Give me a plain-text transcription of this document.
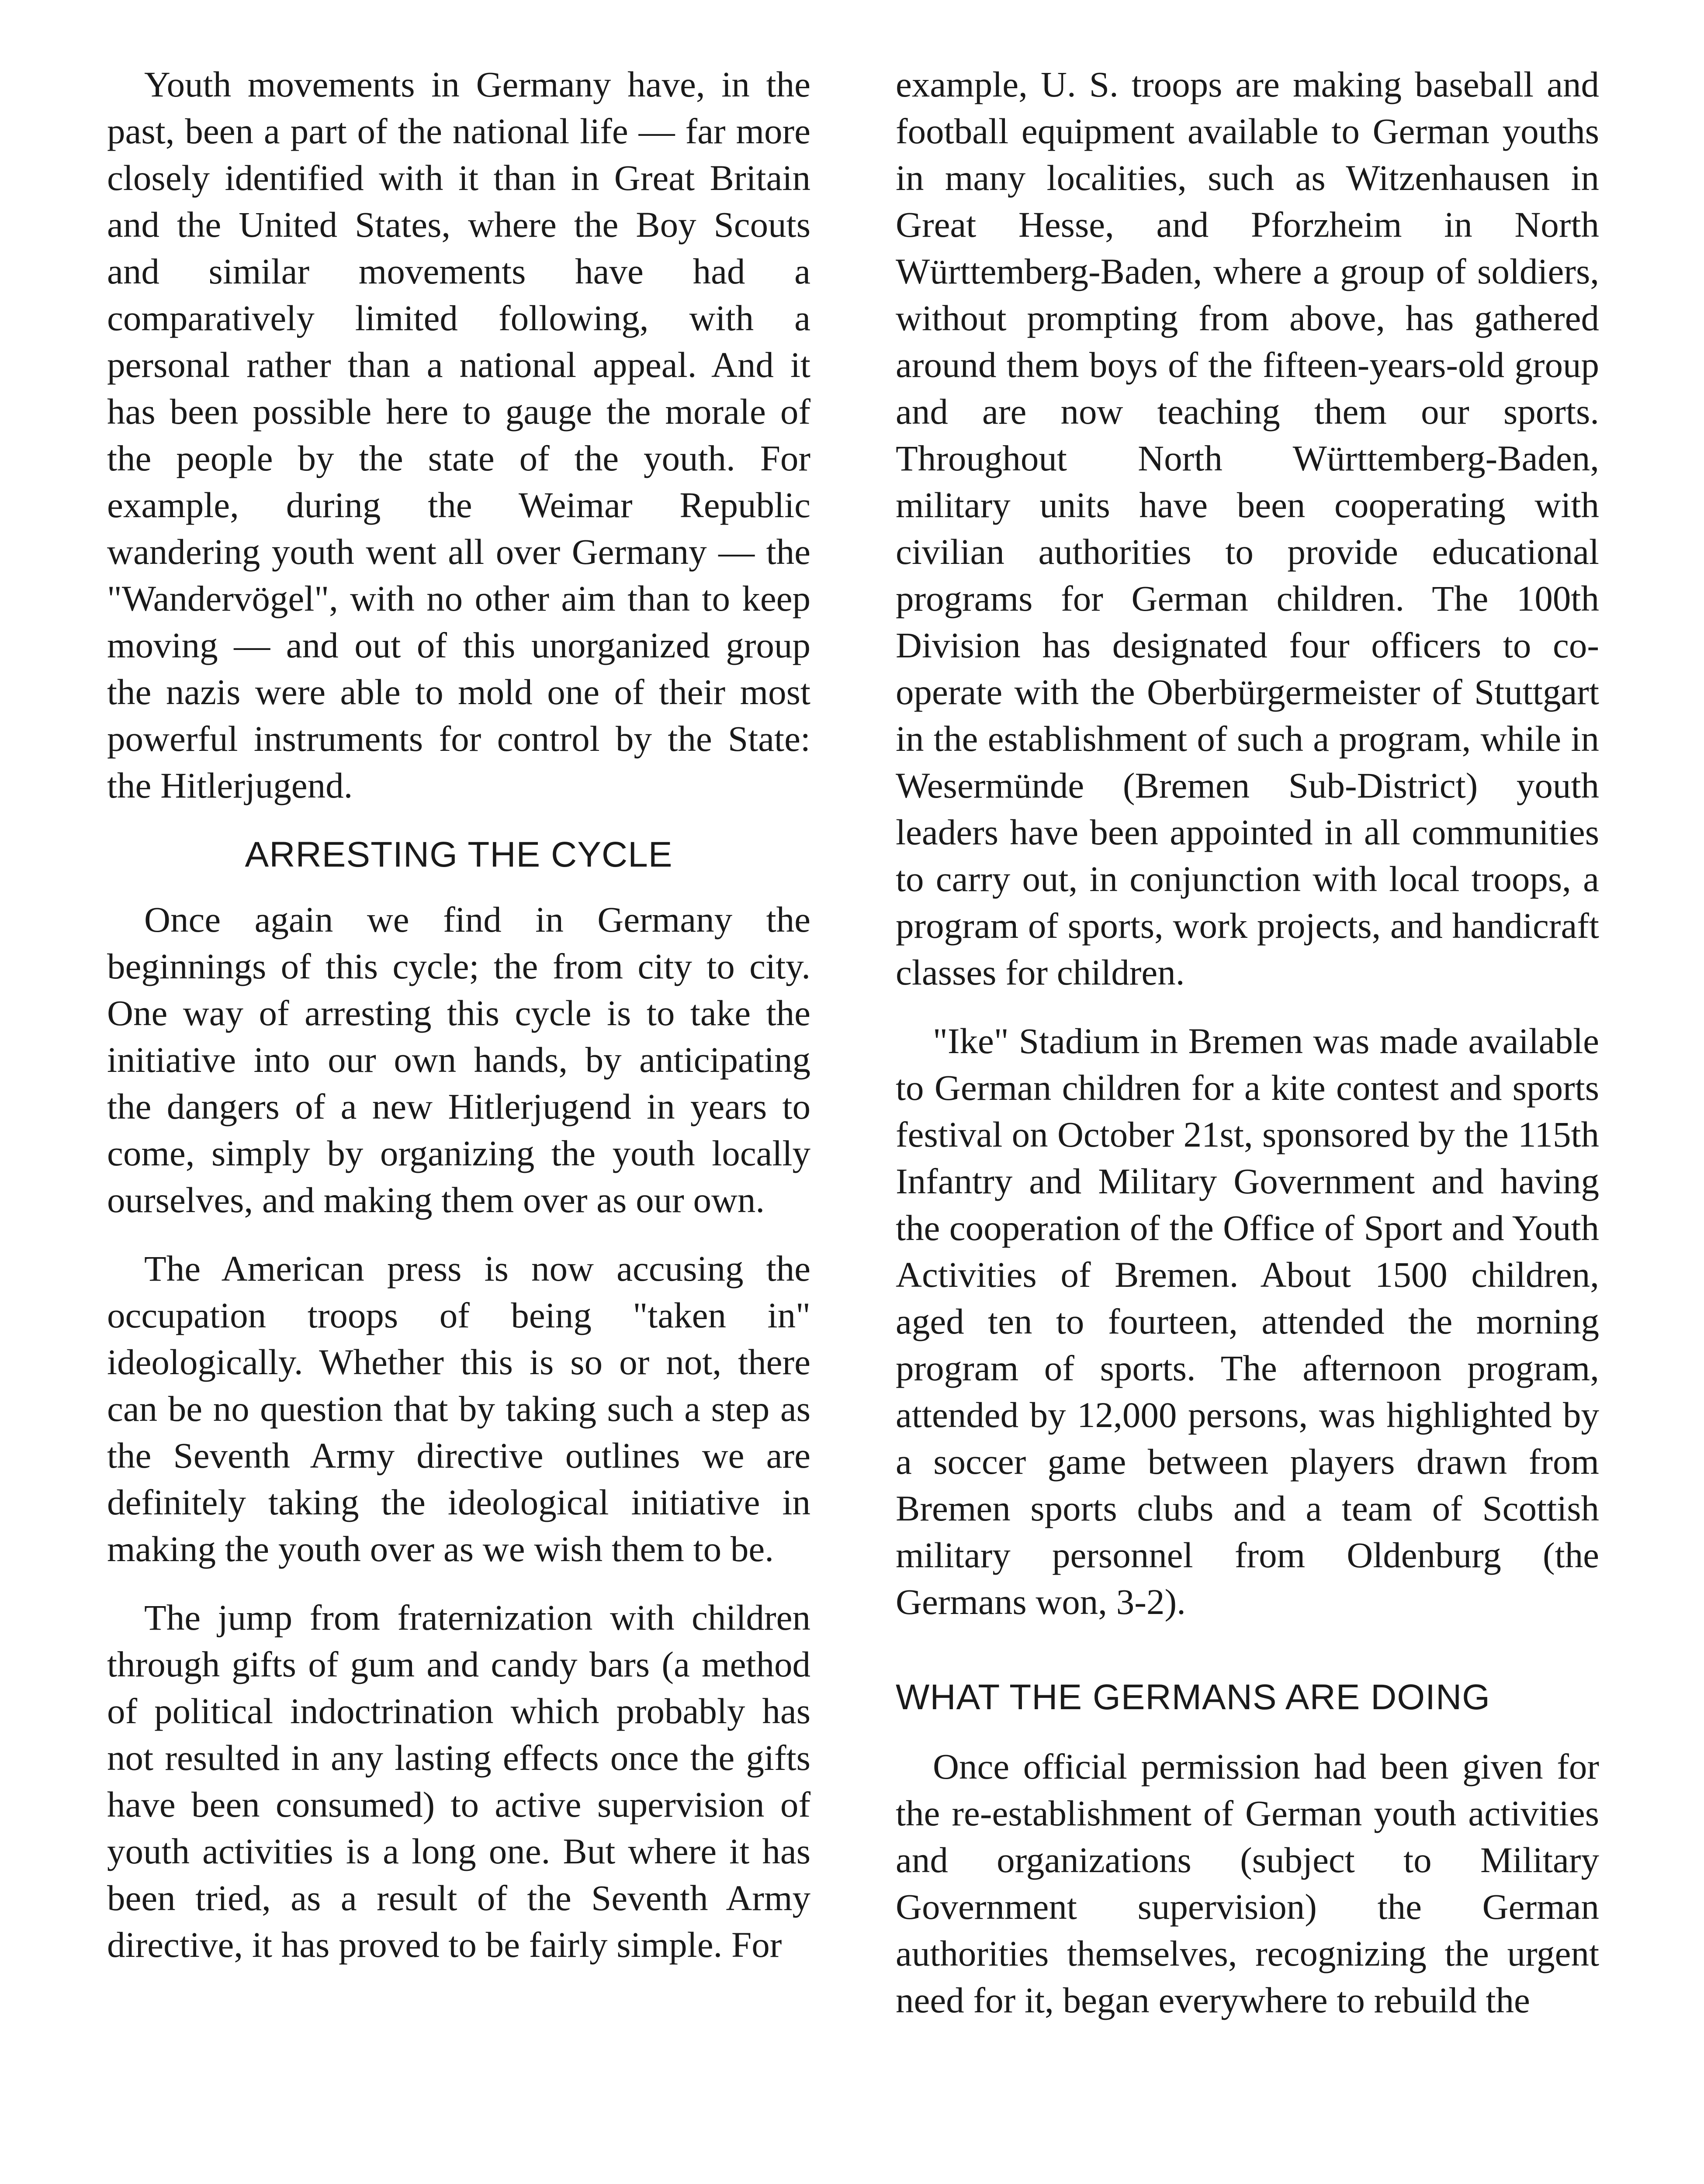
Youth movements in Germany have, in the past, been a part of the national life — far more closely identified with it than in Great Britain and the United States, where the Boy Scouts and similar movements have had a comparatively limited following, with a personal rather than a national appeal. And it has been possible here to gauge the morale of the people by the state of the youth. For example, during the Weimar Republic wandering youth went all over Germany — the "Wandervögel", with no other aim than to keep moving — and out of this unorganized group the nazis were able to mold one of their most powerful instruments for control by the State: the Hitlerjugend.

ARRESTING THE CYCLE

Once again we find in Germany the beginnings of this cycle; the from city to city. One way of arresting this cycle is to take the initiative into our own hands, by anticipating the dangers of a new Hitlerjugend in years to come, simply by organizing the youth locally ourselves, and making them over as our own.

The American press is now accusing the occupation troops of being "taken in" ideologically. Whether this is so or not, there can be no question that by taking such a step as the Seventh Army directive outlines we are definitely taking the ideological initiative in making the youth over as we wish them to be.

The jump from fraternization with children through gifts of gum and candy bars (a method of political indoctrination which probably has not resulted in any lasting effects once the gifts have been consumed) to active supervision of youth activities is a long one. But where it has been tried, as a result of the Seventh Army directive, it has proved to be fairly simple. For

example, U. S. troops are making baseball and football equipment available to German youths in many localities, such as Witzenhausen in Great Hesse, and Pforzheim in North Württemberg-Baden, where a group of soldiers, without prompting from above, has gathered around them boys of the fifteen-years-old group and are now teaching them our sports. Throughout North Württemberg-Baden, military units have been cooperating with civilian authorities to provide educational programs for German children. The 100th Division has designated four officers to co-operate with the Oberbürgermeister of Stuttgart in the establishment of such a program, while in Wesermünde (Bremen Sub-District) youth leaders have been appointed in all communities to carry out, in conjunction with local troops, a program of sports, work projects, and handicraft classes for children.

"Ike" Stadium in Bremen was made available to German children for a kite contest and sports festival on October 21st, sponsored by the 115th Infantry and Military Government and having the cooperation of the Office of Sport and Youth Activities of Bremen. About 1500 children, aged ten to fourteen, attended the morning program of sports. The afternoon program, attended by 12,000 persons, was highlighted by a soccer game between players drawn from Bremen sports clubs and a team of Scottish military personnel from Oldenburg (the Germans won, 3-2).

WHAT THE GERMANS ARE DOING

Once official permission had been given for the re-establishment of German youth activities and organizations (subject to Military Government supervision) the German authorities themselves, recognizing the urgent need for it, began everywhere to rebuild the
